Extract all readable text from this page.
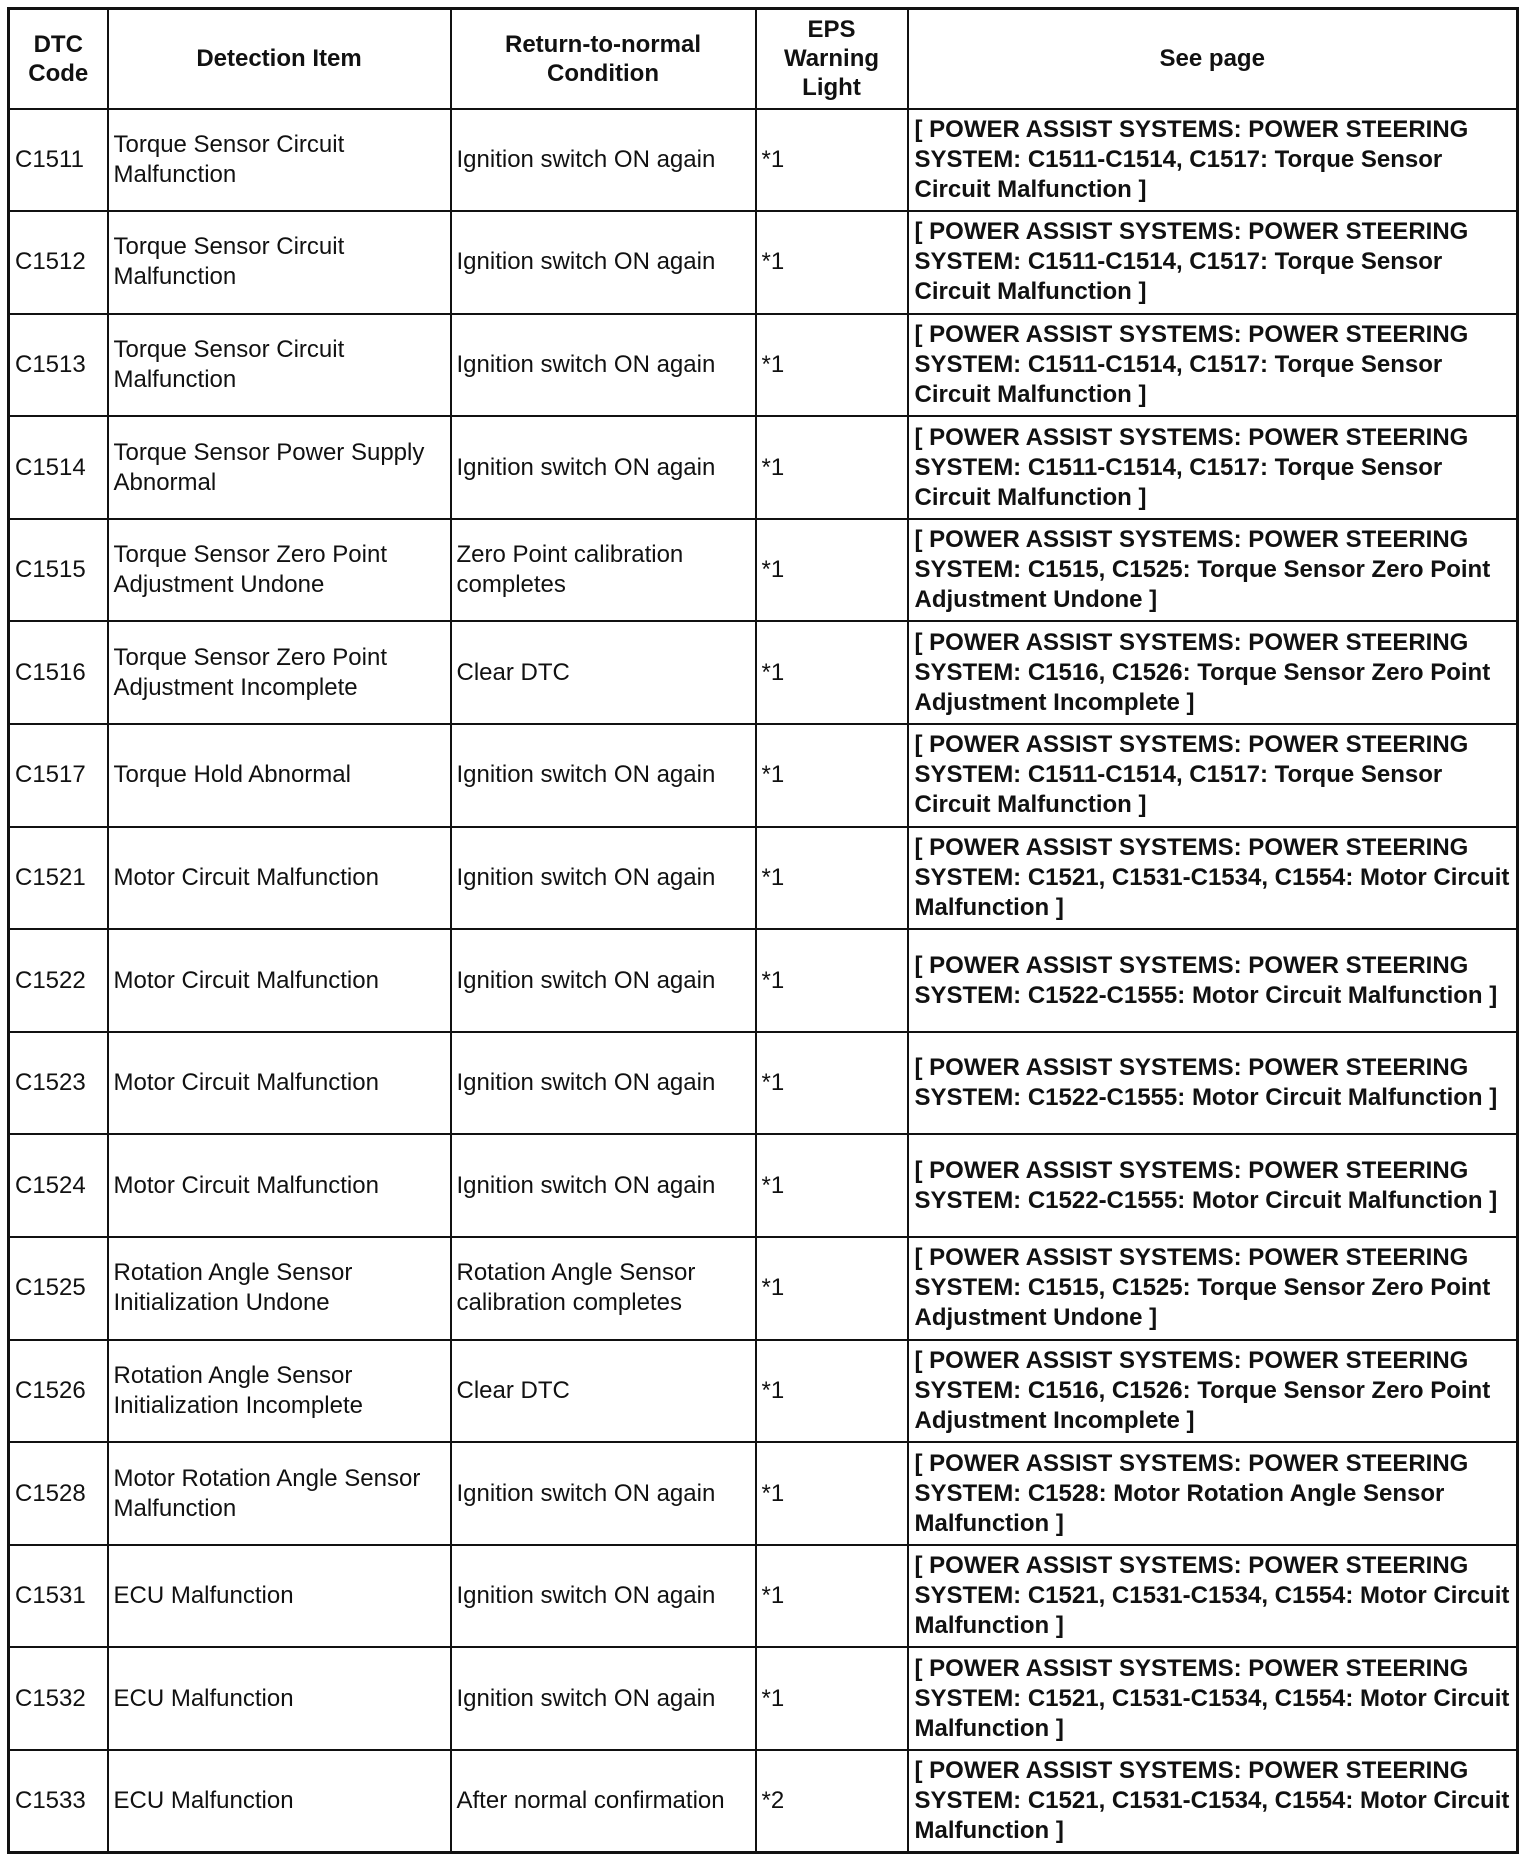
DTC Code	Detection Item	Return-to-normal Condition	EPS Warning Light	See page
C1511	Torque Sensor Circuit Malfunction	Ignition switch ON again	*1	[ POWER ASSIST SYSTEMS: POWER STEERING SYSTEM: C1511-C1514, C1517: Torque Sensor Circuit Malfunction ]
C1512	Torque Sensor Circuit Malfunction	Ignition switch ON again	*1	[ POWER ASSIST SYSTEMS: POWER STEERING SYSTEM: C1511-C1514, C1517: Torque Sensor Circuit Malfunction ]
C1513	Torque Sensor Circuit Malfunction	Ignition switch ON again	*1	[ POWER ASSIST SYSTEMS: POWER STEERING SYSTEM: C1511-C1514, C1517: Torque Sensor Circuit Malfunction ]
C1514	Torque Sensor Power Supply Abnormal	Ignition switch ON again	*1	[ POWER ASSIST SYSTEMS: POWER STEERING SYSTEM: C1511-C1514, C1517: Torque Sensor Circuit Malfunction ]
C1515	Torque Sensor Zero Point Adjustment Undone	Zero Point calibration completes	*1	[ POWER ASSIST SYSTEMS: POWER STEERING SYSTEM: C1515, C1525: Torque Sensor Zero Point Adjustment Undone ]
C1516	Torque Sensor Zero Point Adjustment Incomplete	Clear DTC	*1	[ POWER ASSIST SYSTEMS: POWER STEERING SYSTEM: C1516, C1526: Torque Sensor Zero Point Adjustment Incomplete ]
C1517	Torque Hold Abnormal	Ignition switch ON again	*1	[ POWER ASSIST SYSTEMS: POWER STEERING SYSTEM: C1511-C1514, C1517: Torque Sensor Circuit Malfunction ]
C1521	Motor Circuit Malfunction	Ignition switch ON again	*1	[ POWER ASSIST SYSTEMS: POWER STEERING SYSTEM: C1521, C1531-C1534, C1554: Motor Circuit Malfunction ]
C1522	Motor Circuit Malfunction	Ignition switch ON again	*1	[ POWER ASSIST SYSTEMS: POWER STEERING SYSTEM: C1522-C1555: Motor Circuit Malfunction ]
C1523	Motor Circuit Malfunction	Ignition switch ON again	*1	[ POWER ASSIST SYSTEMS: POWER STEERING SYSTEM: C1522-C1555: Motor Circuit Malfunction ]
C1524	Motor Circuit Malfunction	Ignition switch ON again	*1	[ POWER ASSIST SYSTEMS: POWER STEERING SYSTEM: C1522-C1555: Motor Circuit Malfunction ]
C1525	Rotation Angle Sensor Initialization Undone	Rotation Angle Sensor calibration completes	*1	[ POWER ASSIST SYSTEMS: POWER STEERING SYSTEM: C1515, C1525: Torque Sensor Zero Point Adjustment Undone ]
C1526	Rotation Angle Sensor Initialization Incomplete	Clear DTC	*1	[ POWER ASSIST SYSTEMS: POWER STEERING SYSTEM: C1516, C1526: Torque Sensor Zero Point Adjustment Incomplete ]
C1528	Motor Rotation Angle Sensor Malfunction	Ignition switch ON again	*1	[ POWER ASSIST SYSTEMS: POWER STEERING SYSTEM: C1528: Motor Rotation Angle Sensor Malfunction ]
C1531	ECU Malfunction	Ignition switch ON again	*1	[ POWER ASSIST SYSTEMS: POWER STEERING SYSTEM: C1521, C1531-C1534, C1554: Motor Circuit Malfunction ]
C1532	ECU Malfunction	Ignition switch ON again	*1	[ POWER ASSIST SYSTEMS: POWER STEERING SYSTEM: C1521, C1531-C1534, C1554: Motor Circuit Malfunction ]
C1533	ECU Malfunction	After normal confirmation	*2	[ POWER ASSIST SYSTEMS: POWER STEERING SYSTEM: C1521, C1531-C1534, C1554: Motor Circuit Malfunction ]
